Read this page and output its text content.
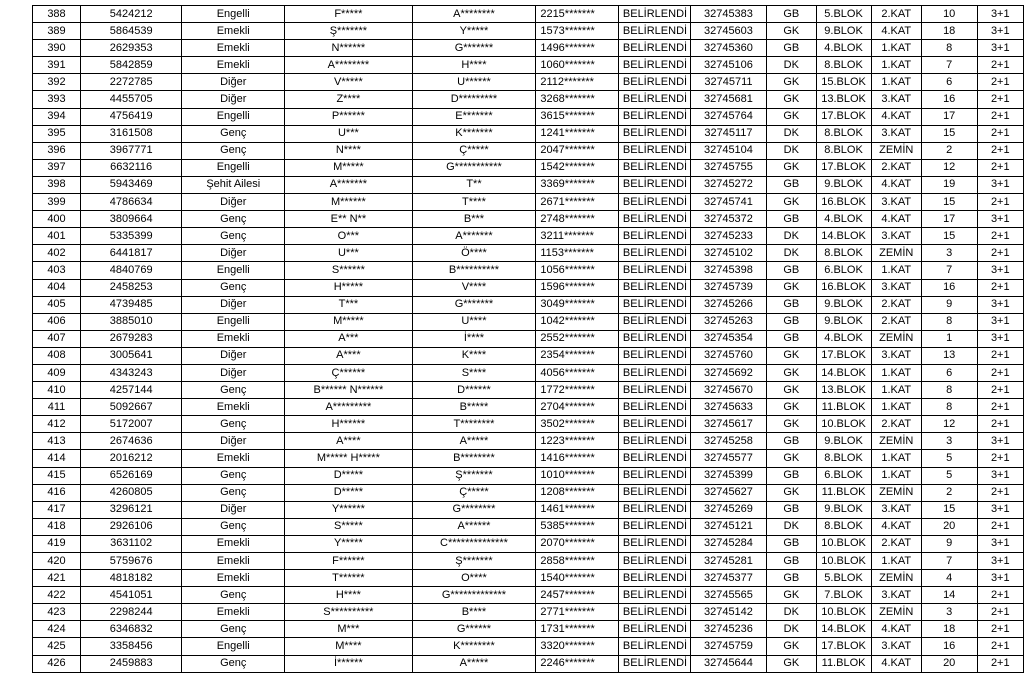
388	5424212	Engelli	F*****	A********	2215*******	BELİRLENDİ	32745383	GB	5.BLOK	2.KAT	10	3+1
389	5864539	Emekli	Ş*******	Y*****	1573*******	BELİRLENDİ	32745603	GK	9.BLOK	4.KAT	18	3+1
390	2629353	Emekli	N******	G*******	1496*******	BELİRLENDİ	32745360	GB	4.BLOK	1.KAT	8	3+1
391	5842859	Emekli	A********	H****	1060*******	BELİRLENDİ	32745106	DK	8.BLOK	1.KAT	7	2+1
392	2272785	Diğer	V*****	U******	2112*******	BELİRLENDİ	32745711	GK	15.BLOK	1.KAT	6	2+1
393	4455705	Diğer	Z****	D*********	3268*******	BELİRLENDİ	32745681	GK	13.BLOK	3.KAT	16	2+1
394	4756419	Engelli	P******	E*******	3615*******	BELİRLENDİ	32745764	GK	17.BLOK	4.KAT	17	2+1
395	3161508	Genç	U***	K*******	1241*******	BELİRLENDİ	32745117	DK	8.BLOK	3.KAT	15	2+1
396	3967771	Genç	N****	Ç*****	2047*******	BELİRLENDİ	32745104	DK	8.BLOK	ZEMİN	2	2+1
397	6632116	Engelli	M*****	G***********	1542*******	BELİRLENDİ	32745755	GK	17.BLOK	2.KAT	12	2+1
398	5943469	Şehit Ailesi	A*******	T**	3369*******	BELİRLENDİ	32745272	GB	9.BLOK	4.KAT	19	3+1
399	4786634	Diğer	M******	T****	2671*******	BELİRLENDİ	32745741	GK	16.BLOK	3.KAT	15	2+1
400	3809664	Genç	E** N**	B***	2748*******	BELİRLENDİ	32745372	GB	4.BLOK	4.KAT	17	3+1
401	5335399	Genç	O***	A*******	3211*******	BELİRLENDİ	32745233	DK	14.BLOK	3.KAT	15	2+1
402	6441817	Diğer	U***	Ö****	1153*******	BELİRLENDİ	32745102	DK	8.BLOK	ZEMİN	3	2+1
403	4840769	Engelli	S******	B**********	1056*******	BELİRLENDİ	32745398	GB	6.BLOK	1.KAT	7	3+1
404	2458253	Genç	H*****	V****	1596*******	BELİRLENDİ	32745739	GK	16.BLOK	3.KAT	16	2+1
405	4739485	Diğer	T***	G*******	3049*******	BELİRLENDİ	32745266	GB	9.BLOK	2.KAT	9	3+1
406	3885010	Engelli	M*****	U****	1042*******	BELİRLENDİ	32745263	GB	9.BLOK	2.KAT	8	3+1
407	2679283	Emekli	A***	İ****	2552*******	BELİRLENDİ	32745354	GB	4.BLOK	ZEMİN	1	3+1
408	3005641	Diğer	A****	K****	2354*******	BELİRLENDİ	32745760	GK	17.BLOK	3.KAT	13	2+1
409	4343243	Diğer	Ç******	S****	4056*******	BELİRLENDİ	32745692	GK	14.BLOK	1.KAT	6	2+1
410	4257144	Genç	B****** N******	D******	1772*******	BELİRLENDİ	32745670	GK	13.BLOK	1.KAT	8	2+1
411	5092667	Emekli	A*********	B*****	2704*******	BELİRLENDİ	32745633	GK	11.BLOK	1.KAT	8	2+1
412	5172007	Genç	H******	T********	3502*******	BELİRLENDİ	32745617	GK	10.BLOK	2.KAT	12	2+1
413	2674636	Diğer	A****	A*****	1223*******	BELİRLENDİ	32745258	GB	9.BLOK	ZEMİN	3	3+1
414	2016212	Emekli	M***** H*****	B********	1416*******	BELİRLENDİ	32745577	GK	8.BLOK	1.KAT	5	2+1
415	6526169	Genç	D*****	Ş*******	1010*******	BELİRLENDİ	32745399	GB	6.BLOK	1.KAT	5	3+1
416	4260805	Genç	D*****	Ç*****	1208*******	BELİRLENDİ	32745627	GK	11.BLOK	ZEMİN	2	2+1
417	3296121	Diğer	Y******	G********	1461*******	BELİRLENDİ	32745269	GB	9.BLOK	3.KAT	15	3+1
418	2926106	Genç	S*****	A******	5385*******	BELİRLENDİ	32745121	DK	8.BLOK	4.KAT	20	2+1
419	3631102	Emekli	Y*****	C**************	2070*******	BELİRLENDİ	32745284	GB	10.BLOK	2.KAT	9	3+1
420	5759676	Emekli	F******	Ş*******	2858*******	BELİRLENDİ	32745281	GB	10.BLOK	1.KAT	7	3+1
421	4818182	Emekli	T******	O****	1540*******	BELİRLENDİ	32745377	GB	5.BLOK	ZEMİN	4	3+1
422	4541051	Genç	H****	G*************	2457*******	BELİRLENDİ	32745565	GK	7.BLOK	3.KAT	14	2+1
423	2298244	Emekli	S**********	B****	2771*******	BELİRLENDİ	32745142	DK	10.BLOK	ZEMİN	3	2+1
424	6346832	Genç	M***	G******	1731*******	BELİRLENDİ	32745236	DK	14.BLOK	4.KAT	18	2+1
425	3358456	Engelli	M****	K********	3320*******	BELİRLENDİ	32745759	GK	17.BLOK	3.KAT	16	2+1
426	2459883	Genç	İ******	A*****	2246*******	BELİRLENDİ	32745644	GK	11.BLOK	4.KAT	20	2+1
